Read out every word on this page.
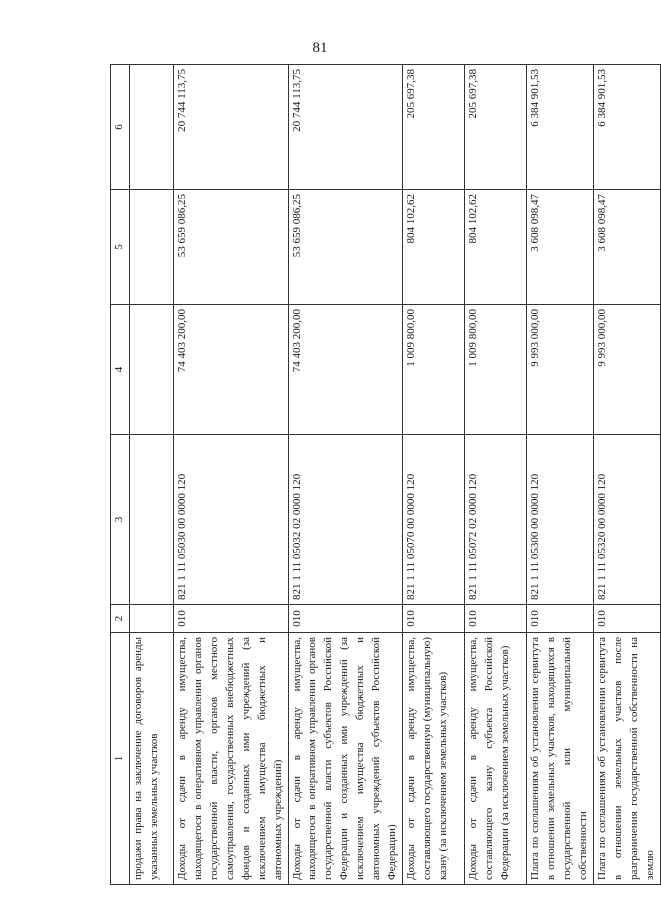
81
1	2	3	4	5	6
продажи права на заключение договоров аренды указанных земельных участков					
Доходы от сдачи в аренду имущества, находящегося в оперативном управлении органов государственной власти, органов местного самоуправления, государственных внебюджетных фондов и созданных ими учреждений (за исключением имущества бюджетных и автономных учреждений)	010	821 1 11 05030 00 0000 120	74 403 200,00	53 659 086,25	20 744 113,75
Доходы от сдачи в аренду имущества, находящегося в оперативном управлении органов государственной власти субъектов Российской Федерации и созданных ими учреждений (за исключением имущества бюджетных и автономных учреждений субъектов Российской Федерации)	010	821 1 11 05032 02 0000 120	74 403 200,00	53 659 086,25	20 744 113,75
Доходы от сдачи в аренду имущества, составляющего государственную (муниципальную) казну (за исключением земельных участков)	010	821 1 11 05070 00 0000 120	1 009 800,00	804 102,62	205 697,38
Доходы от сдачи в аренду имущества, составляющего казну субъекта Российской Федерации (за исключением земельных участков)	010	821 1 11 05072 02 0000 120	1 009 800,00	804 102,62	205 697,38
Плата по соглашениям об установлении сервитута в отношении земельных участков, находящихся в государственной или муниципальной собственности	010	821 1 11 05300 00 0000 120	9 993 000,00	3 608 098,47	6 384 901,53
Плата по соглашениям об установлении сервитута в отношении земельных участков после разграничения государственной собственности на землю	010	821 1 11 05320 00 0000 120	9 993 000,00	3 608 098,47	6 384 901,53
